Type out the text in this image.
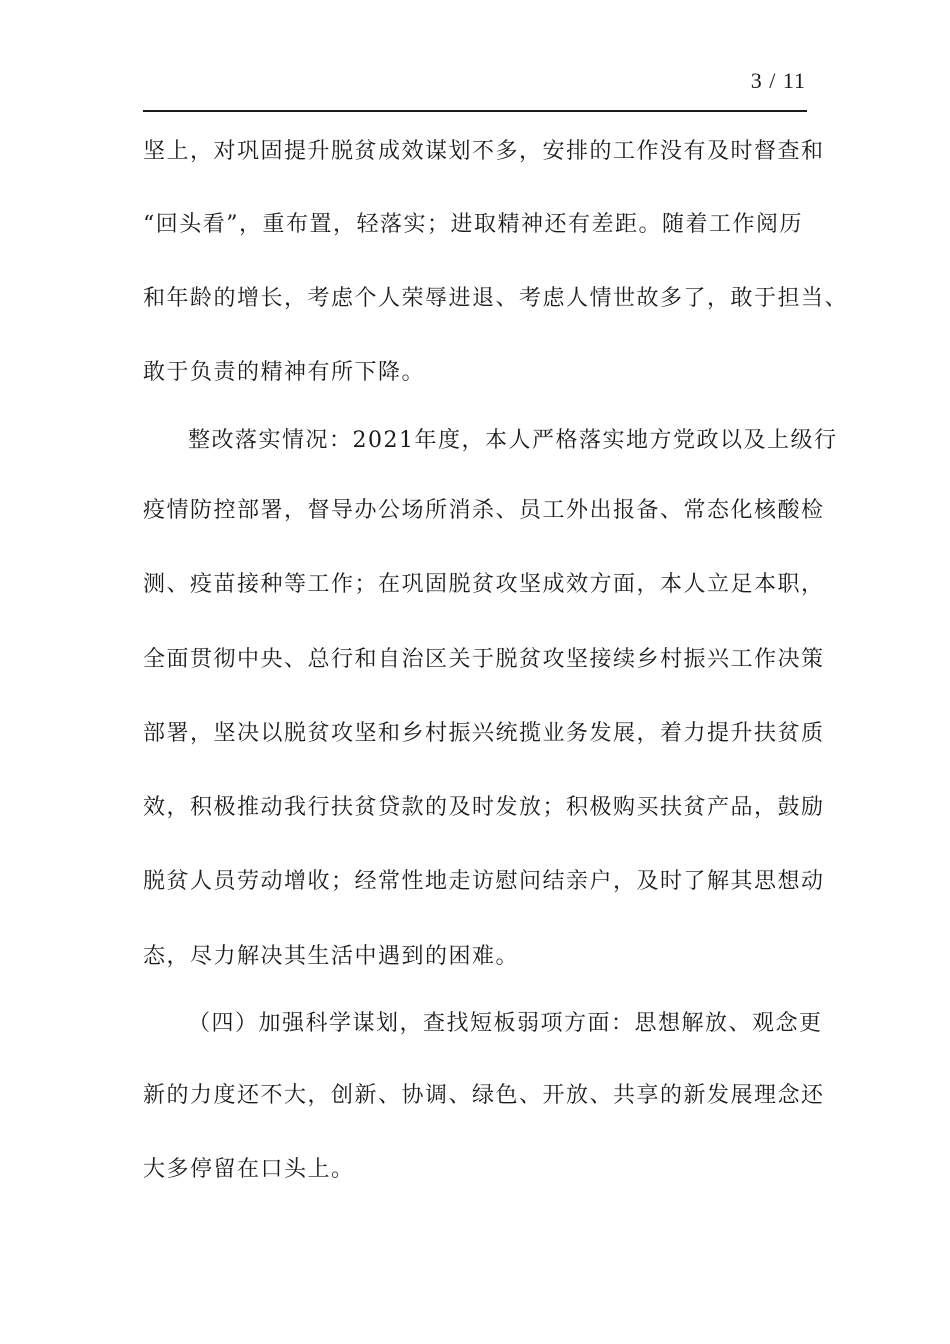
3 / 11
坚上，对巩固提升脱贫成效谋划不多，安排的工作没有及时督查和
“回头看”，重布置，轻落实；进取精神还有差距。随着工作阅历
和年龄的增长，考虑个人荣辱进退、考虑人情世故多了，敢于担当、
敢于负责的精神有所下降。
整改落实情况：2021年度，本人严格落实地方党政以及上级行
疫情防控部署，督导办公场所消杀、员工外出报备、常态化核酸检
测、疫苗接种等工作；在巩固脱贫攻坚成效方面，本人立足本职，
全面贯彻中央、总行和自治区关于脱贫攻坚接续乡村振兴工作决策
部署，坚决以脱贫攻坚和乡村振兴统揽业务发展，着力提升扶贫质
效，积极推动我行扶贫贷款的及时发放；积极购买扶贫产品，鼓励
脱贫人员劳动增收；经常性地走访慰问结亲户，及时了解其思想动
态，尽力解决其生活中遇到的困难。
（四）加强科学谋划，查找短板弱项方面：思想解放、观念更
新的力度还不大，创新、协调、绿色、开放、共享的新发展理念还
大多停留在口头上。
